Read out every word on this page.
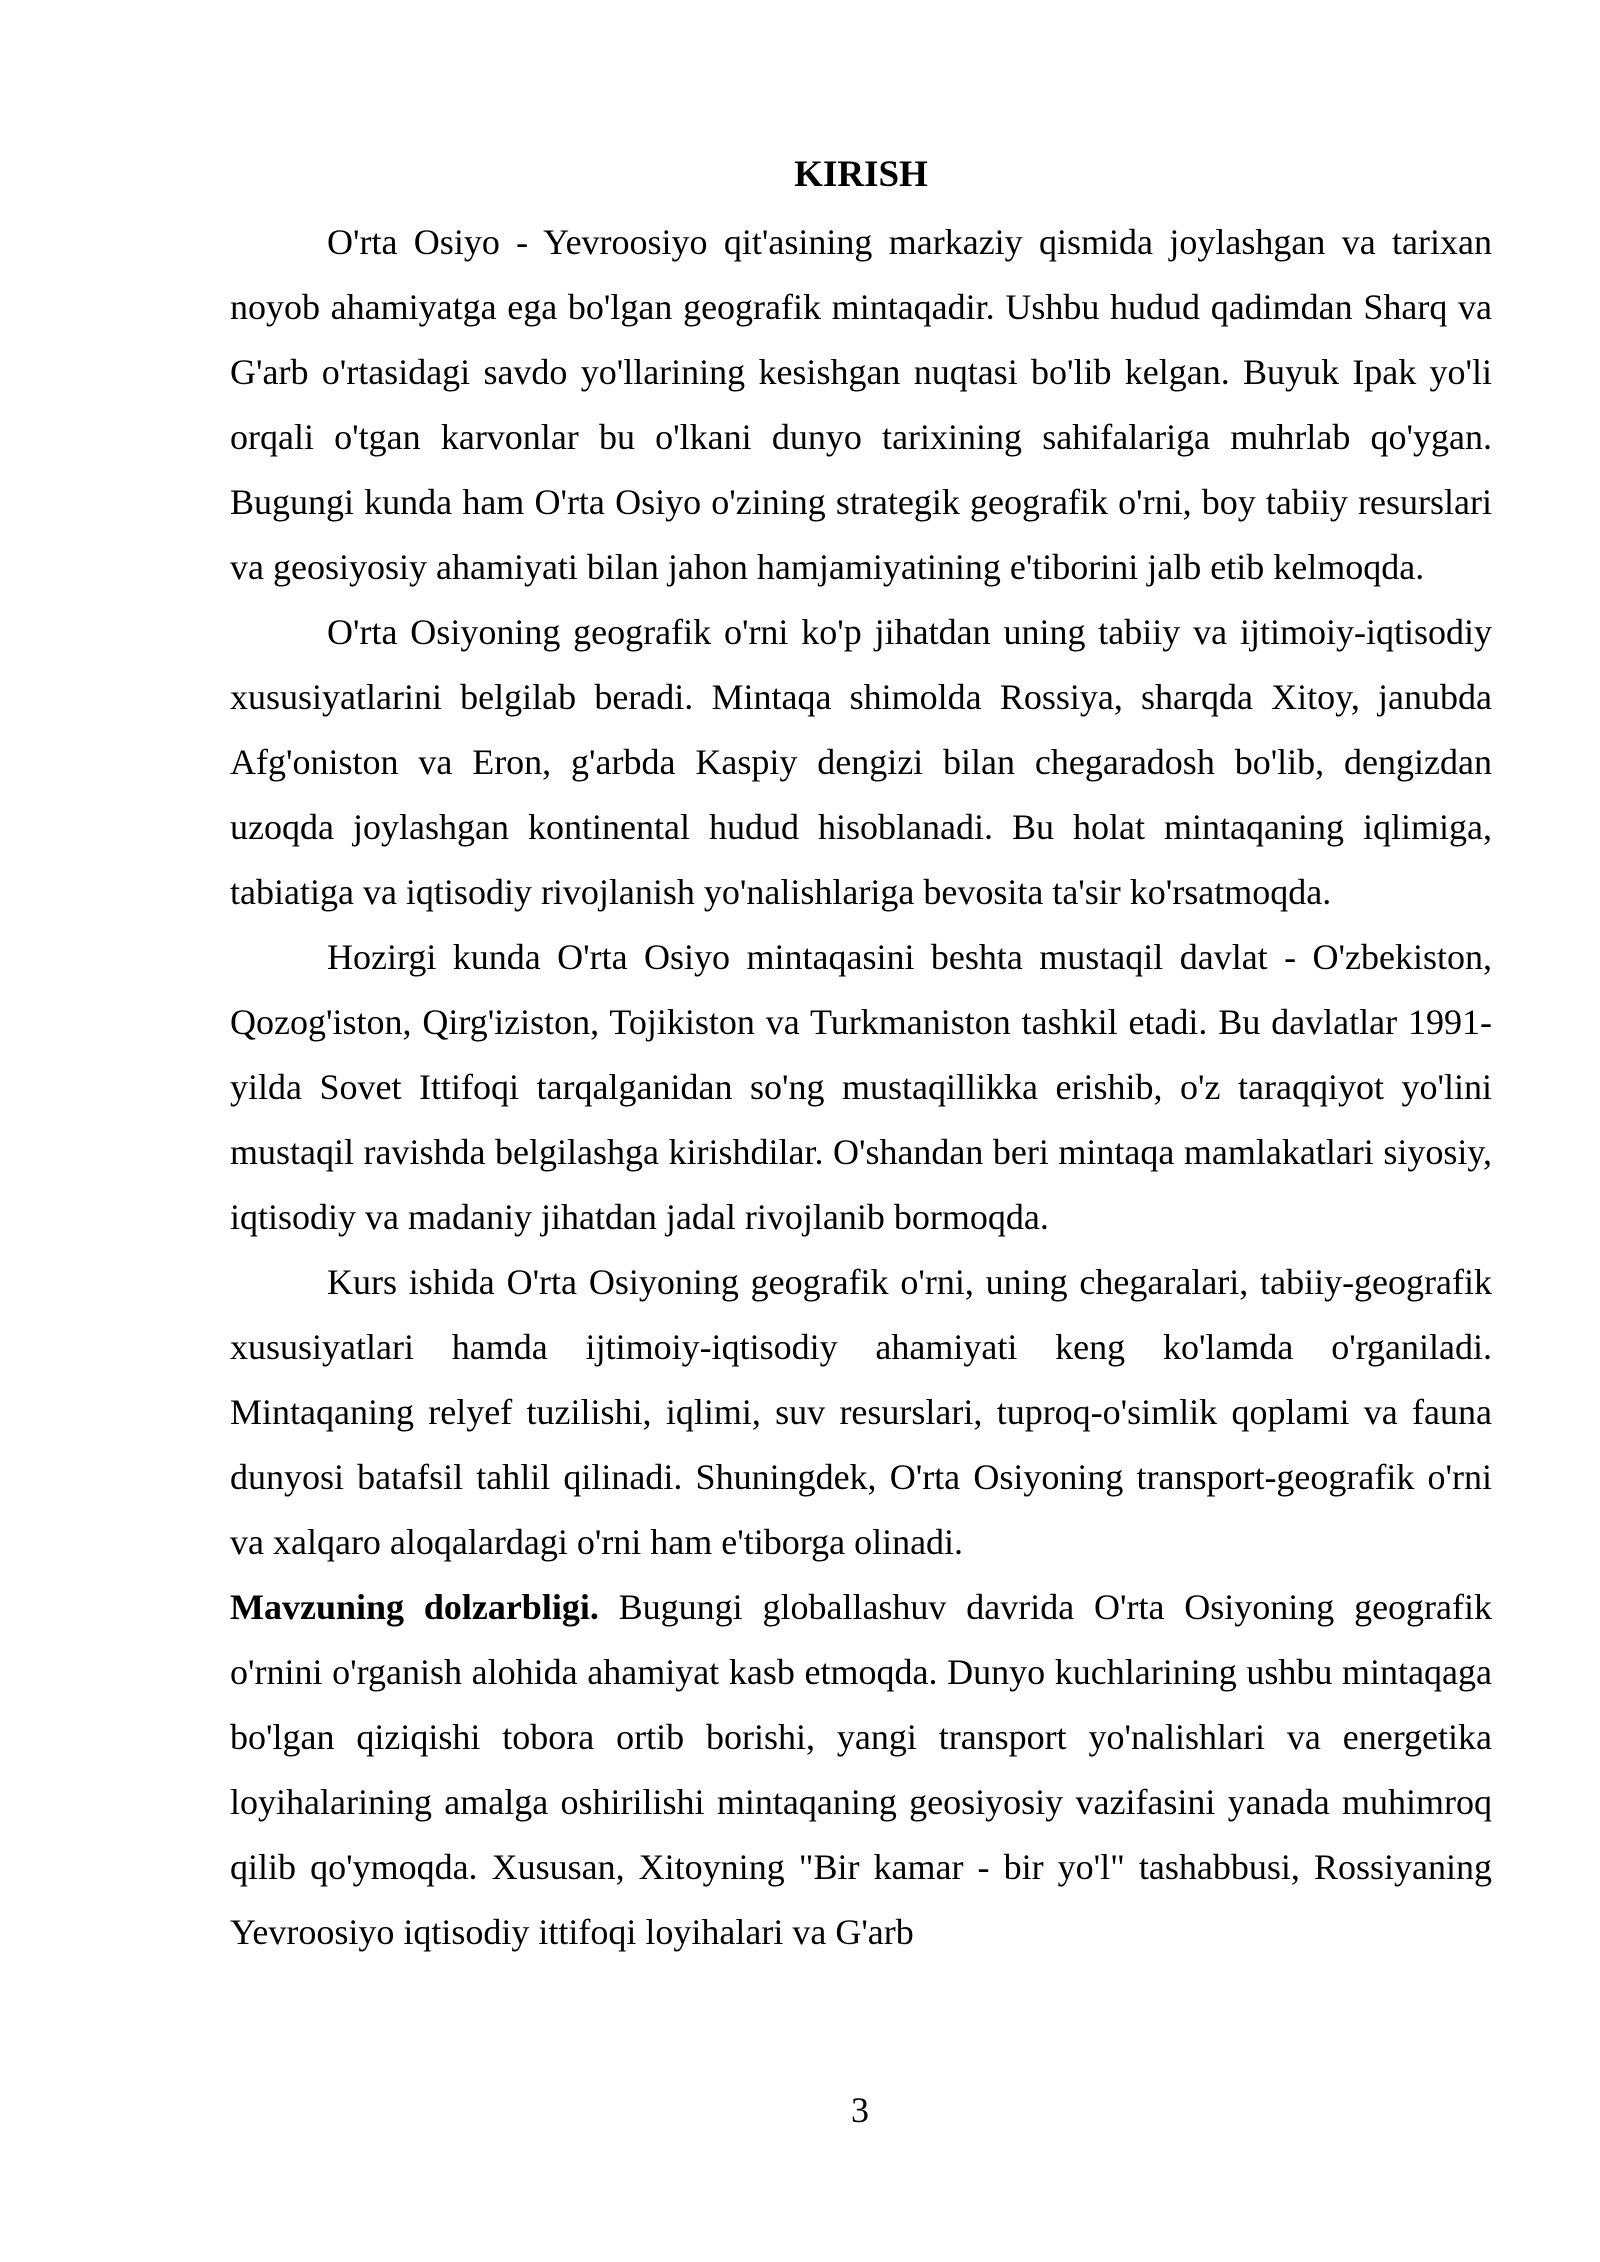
KIRISH

O'rta Osiyo - Yevroosiyo qit'asining markaziy qismida joylashgan va tarixan noyob ahamiyatga ega bo'lgan geografik mintaqadir. Ushbu hudud qadimdan Sharq va G'arb o'rtasidagi savdo yo'llarining kesishgan nuqtasi bo'lib kelgan. Buyuk Ipak yo'li orqali o'tgan karvonlar bu o'lkani dunyo tarixining sahifalariga muhrlab qo'ygan. Bugungi kunda ham O'rta Osiyo o'zining strategik geografik o'rni, boy tabiiy resurslari va geosiyosiy ahamiyati bilan jahon hamjamiyatining e'tiborini jalb etib kelmoqda.

O'rta Osiyoning geografik o'rni ko'p jihatdan uning tabiiy va ijtimoiy-iqtisodiy xususiyatlarini belgilab beradi. Mintaqa shimolda Rossiya, sharqda Xitoy, janubda Afg'oniston va Eron, g'arbda Kaspiy dengizi bilan chegaradosh bo'lib, dengizdan uzoqda joylashgan kontinental hudud hisoblanadi. Bu holat mintaqaning iqlimiga, tabiatiga va iqtisodiy rivojlanish yo'nalishlariga bevosita ta'sir ko'rsatmoqda.

Hozirgi kunda O'rta Osiyo mintaqasini beshta mustaqil davlat - O'zbekiston, Qozog'iston, Qirg'iziston, Tojikiston va Turkmaniston tashkil etadi. Bu davlatlar 1991-yilda Sovet Ittifoqi tarqalganidan so'ng mustaqillikka erishib, o'z taraqqiyot yo'lini mustaqil ravishda belgilashga kirishdilar. O'shandan beri mintaqa mamlakatlari siyosiy, iqtisodiy va madaniy jihatdan jadal rivojlanib bormoqda.

Kurs ishida O'rta Osiyoning geografik o'rni, uning chegaralari, tabiiy-geografik xususiyatlari hamda ijtimoiy-iqtisodiy ahamiyati keng ko'lamda o'rganiladi. Mintaqaning relyef tuzilishi, iqlimi, suv resurslari, tuproq-o'simlik qoplami va fauna dunyosi batafsil tahlil qilinadi. Shuningdek, O'rta Osiyoning transport-geografik o'rni va xalqaro aloqalardagi o'rni ham e'tiborga olinadi.

Mavzuning dolzarbligi. Bugungi globallashuv davrida O'rta Osiyoning geografik o'rnini o'rganish alohida ahamiyat kasb etmoqda. Dunyo kuchlarining ushbu mintaqaga bo'lgan qiziqishi tobora ortib borishi, yangi transport yo'nalishlari va energetika loyihalarining amalga oshirilishi mintaqaning geosiyosiy vazifasini yanada muhimroq qilib qo'ymoqda. Xususan, Xitoyning "Bir kamar - bir yo'l" tashabbusi, Rossiyaning Yevroosiyo iqtisodiy ittifoqi loyihalari va G'arb

3
